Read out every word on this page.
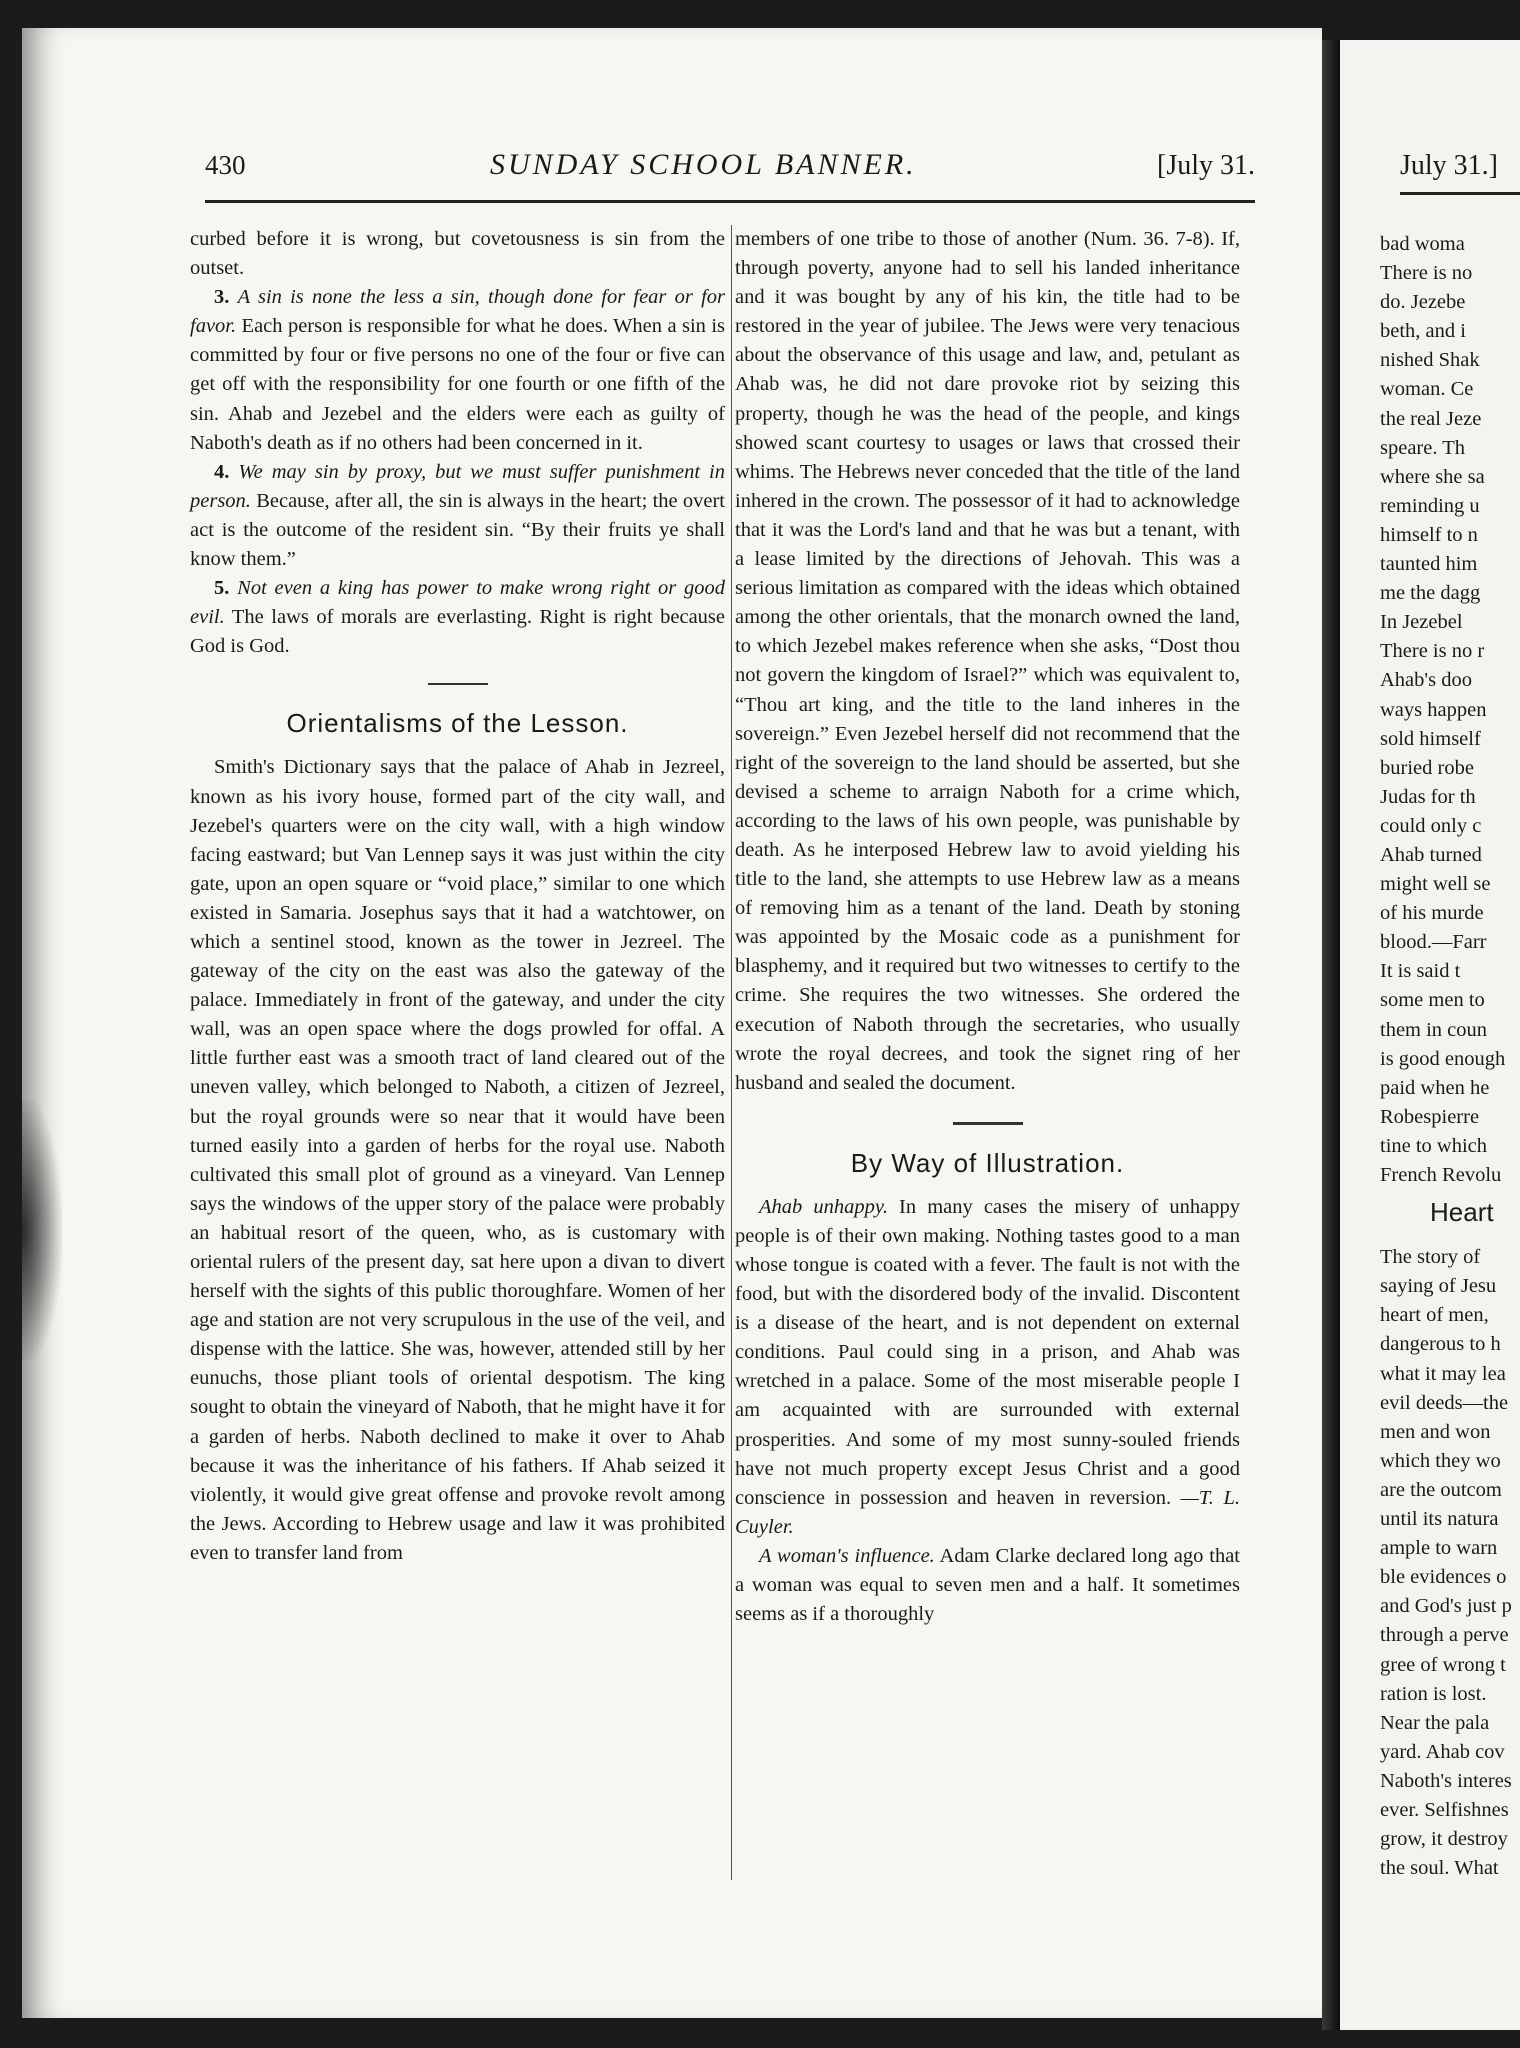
430	SUNDAY SCHOOL BANNER.	[July 31.

curbed before it is wrong, but covetousness is sin from the outset.

3. A sin is none the less a sin, though done for fear or for favor. Each person is responsible for what he does. When a sin is committed by four or five persons no one of the four or five can get off with the responsibility for one fourth or one fifth of the sin. Ahab and Jezebel and the elders were each as guilty of Naboth's death as if no others had been concerned in it.

4. We may sin by proxy, but we must suffer punishment in person. Because, after all, the sin is always in the heart; the overt act is the outcome of the resident sin. “By their fruits ye shall know them.”

5. Not even a king has power to make wrong right or good evil. The laws of morals are everlasting. Right is right because God is God.

Orientalisms of the Lesson.

Smith's Dictionary says that the palace of Ahab in Jezreel, known as his ivory house, formed part of the city wall, and Jezebel's quarters were on the city wall, with a high window facing eastward; but Van Lennep says it was just within the city gate, upon an open square or “void place,” similar to one which existed in Samaria. Josephus says that it had a watchtower, on which a sentinel stood, known as the tower in Jezreel. The gateway of the city on the east was also the gateway of the palace. Immediately in front of the gateway, and under the city wall, was an open space where the dogs prowled for offal. A little further east was a smooth tract of land cleared out of the uneven valley, which belonged to Naboth, a citizen of Jezreel, but the royal grounds were so near that it would have been turned easily into a garden of herbs for the royal use. Naboth cultivated this small plot of ground as a vineyard. Van Lennep says the windows of the upper story of the palace were probably an habitual resort of the queen, who, as is customary with oriental rulers of the present day, sat here upon a divan to divert herself with the sights of this public thoroughfare. Women of her age and station are not very scrupulous in the use of the veil, and dispense with the lattice. She was, however, attended still by her eunuchs, those pliant tools of oriental despotism. The king sought to obtain the vineyard of Naboth, that he might have it for a garden of herbs. Naboth declined to make it over to Ahab because it was the inheritance of his fathers. If Ahab seized it violently, it would give great offense and provoke revolt among the Jews. According to Hebrew usage and law it was prohibited even to transfer land from

members of one tribe to those of another (Num. 36. 7-8). If, through poverty, anyone had to sell his landed inheritance and it was bought by any of his kin, the title had to be restored in the year of jubilee. The Jews were very tenacious about the observance of this usage and law, and, petulant as Ahab was, he did not dare provoke riot by seizing this property, though he was the head of the people, and kings showed scant courtesy to usages or laws that crossed their whims. The Hebrews never conceded that the title of the land inhered in the crown. The possessor of it had to acknowledge that it was the Lord's land and that he was but a tenant, with a lease limited by the directions of Jehovah. This was a serious limitation as compared with the ideas which obtained among the other orientals, that the monarch owned the land, to which Jezebel makes reference when she asks, “Dost thou not govern the kingdom of Israel?” which was equivalent to, “Thou art king, and the title to the land inheres in the sovereign.” Even Jezebel herself did not recommend that the right of the sovereign to the land should be asserted, but she devised a scheme to arraign Naboth for a crime which, according to the laws of his own people, was punishable by death. As he interposed Hebrew law to avoid yielding his title to the land, she attempts to use Hebrew law as a means of removing him as a tenant of the land. Death by stoning was appointed by the Mosaic code as a punishment for blasphemy, and it required but two witnesses to certify to the crime. She requires the two witnesses. She ordered the execution of Naboth through the secretaries, who usually wrote the royal decrees, and took the signet ring of her husband and sealed the document.

By Way of Illustration.

Ahab unhappy. In many cases the misery of unhappy people is of their own making. Nothing tastes good to a man whose tongue is coated with a fever. The fault is not with the food, but with the disordered body of the invalid. Discontent is a disease of the heart, and is not dependent on external conditions. Paul could sing in a prison, and Ahab was wretched in a palace. Some of the most miserable people I am acquainted with are surrounded with external prosperities. And some of my most sunny-souled friends have not much property except Jesus Christ and a good conscience in possession and heaven in reversion. —T. L. Cuyler.

A woman's influence. Adam Clarke declared long ago that a woman was equal to seven men and a half. It sometimes seems as if a thoroughly

July 31.]
bad woma
There is no
do. Jezebe
beth, and i
nished Shak
woman. Ce
the real Jeze
speare. Th
where she sa
reminding u
himself to n
taunted him
me the dagg
In Jezebel
There is no r
Ahab's doo
ways happen
sold himself
buried robe
Judas for th
could only c
Ahab turned
might well se
of his murde
blood.—Farr
It is said t
some men to
them in coun
is good enough
paid when he
Robespierre
tine to which
French Revolu
Heart
The story of
saying of Jesu
heart of men,
dangerous to h
what it may lea
evil deeds—the
men and won
which they wo
are the outcom
until its natura
ample to warn
ble evidences o
and God's just p
through a perve
gree of wrong t
ration is lost.
Near the pala
yard. Ahab cov
Naboth's interes
ever. Selfishnes
grow, it destroy
the soul. What
